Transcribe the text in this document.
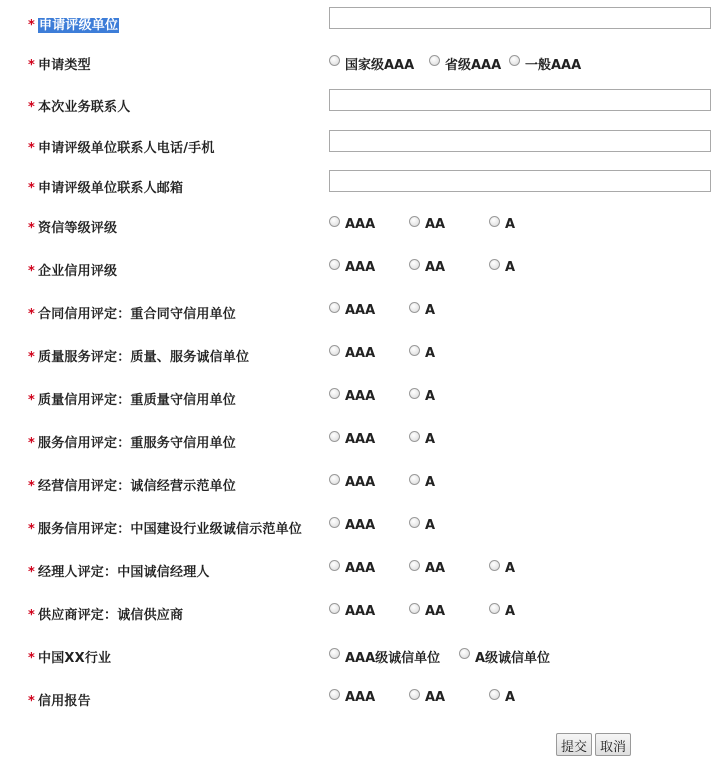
* 申请评级单位
* 申请类型	国家级AAA 省级AAA 一般AAA
* 本次业务联系人
* 申请评级单位联系人电话/手机
* 申请评级单位联系人邮箱
* 资信等级评级	AAA	AA	A
* 企业信用评级	AAA	AA	A
* 合同信用评定：重合同守信用单位	AAA	A
* 质量服务评定：质量、服务诚信单位	AAA	A
* 质量信用评定：重质量守信用单位	AAA	A
* 服务信用评定：重服务守信用单位	AAA	A
* 经营信用评定：诚信经营示范单位	AAA	A
* 服务信用评定：中国建设行业级诚信示范单位	AAA	A
* 经理人评定：中国诚信经理人	AAA	AA	A
* 供应商评定：诚信供应商	AAA	AA	A
* 中国XX行业	AAA级诚信单位	A级诚信单位
* 信用报告	AAA	AA	A
提交	取消
